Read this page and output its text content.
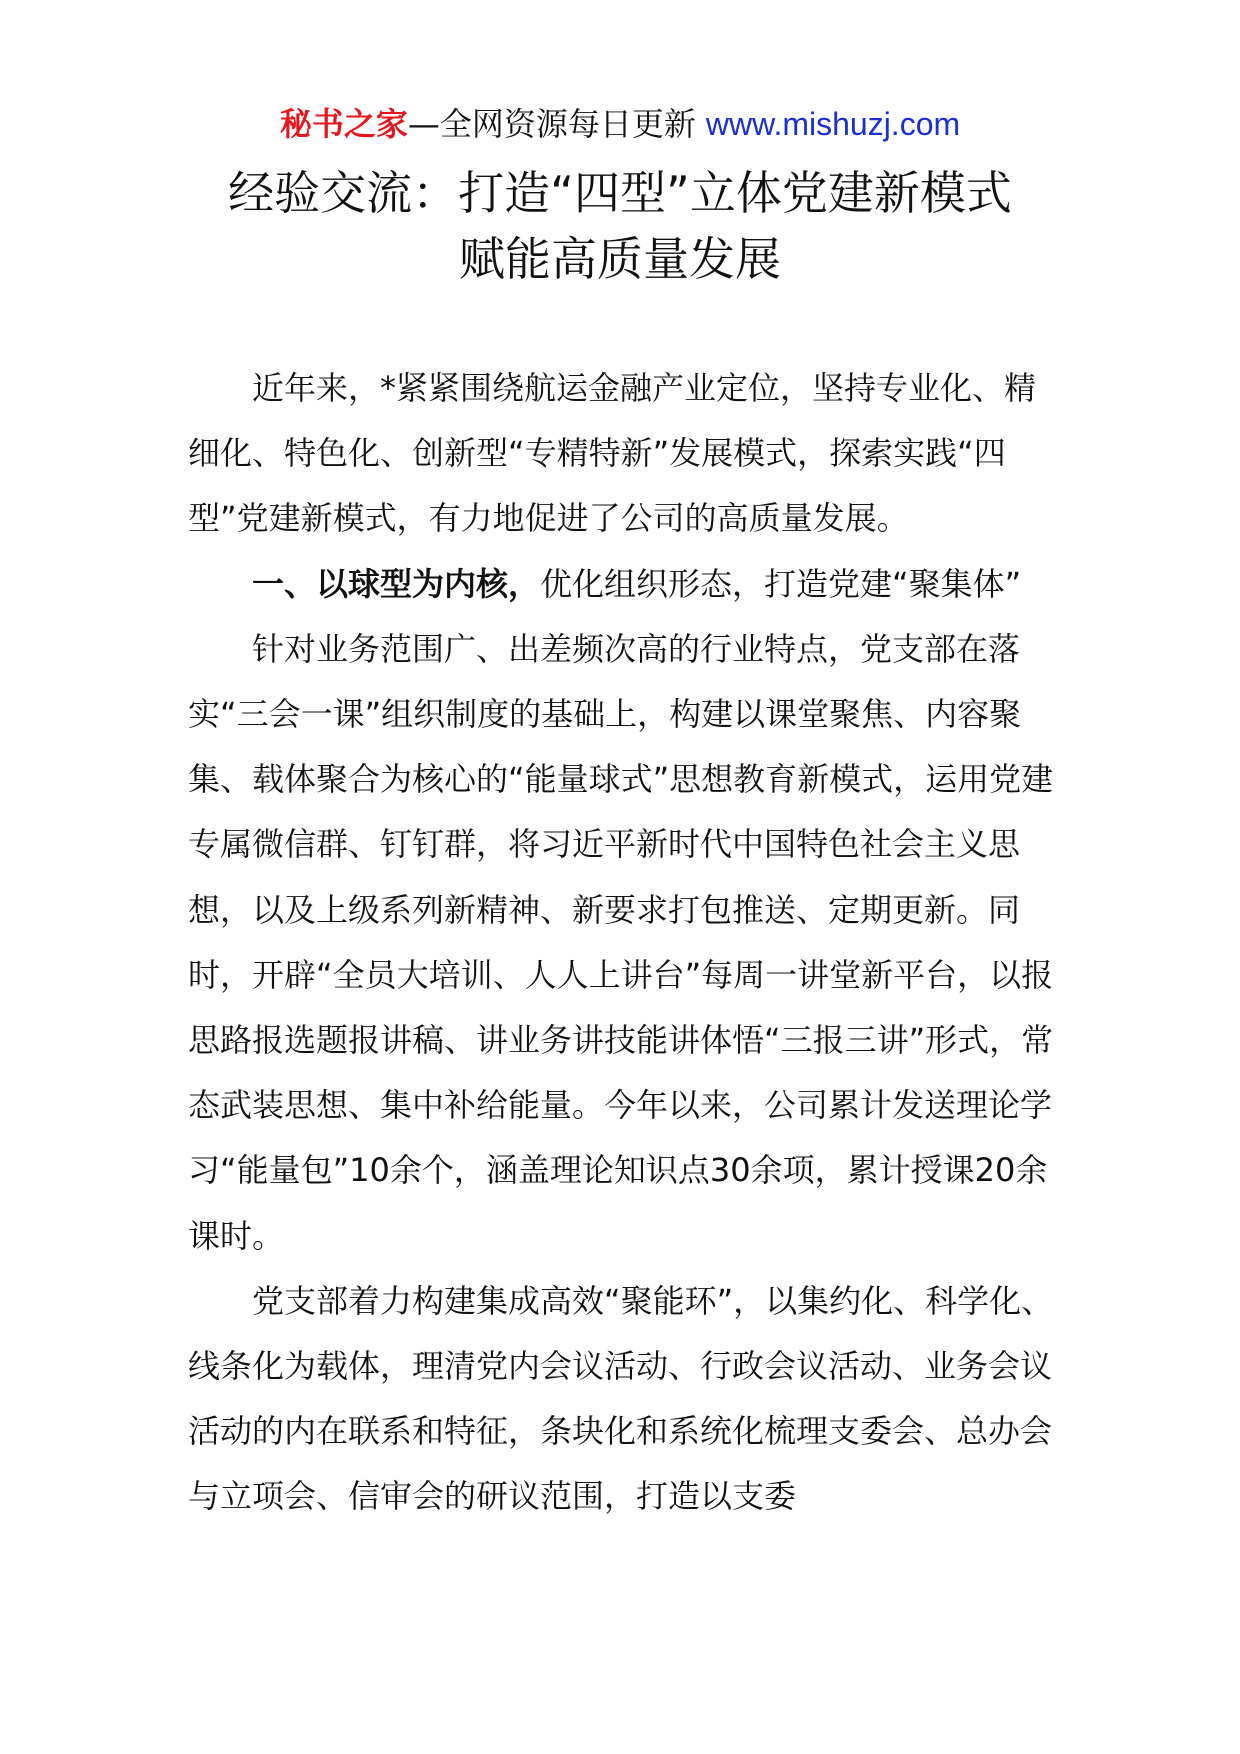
秘书之家—全网资源每日更新 www.mishuzj.com
经验交流：打造“四型”立体党建新模式
赋能高质量发展

近年来，*紧紧围绕航运金融产业定位，坚持专业化、精细化、特色化、创新型“专精特新”发展模式，探索实践“四型”党建新模式，有力地促进了公司的高质量发展。

一、以球型为内核，优化组织形态，打造党建“聚集体”

针对业务范围广、出差频次高的行业特点，党支部在落实“三会一课”组织制度的基础上，构建以课堂聚焦、内容聚集、载体聚合为核心的“能量球式”思想教育新模式，运用党建专属微信群、钉钉群，将习近平新时代中国特色社会主义思想，以及上级系列新精神、新要求打包推送、定期更新。同时，开辟“全员大培训、人人上讲台”每周一讲堂新平台，以报思路报选题报讲稿、讲业务讲技能讲体悟“三报三讲”形式，常态武装思想、集中补给能量。今年以来，公司累计发送理论学习“能量包”10余个，涵盖理论知识点30余项，累计授课20余课时。

党支部着力构建集成高效“聚能环”，以集约化、科学化、线条化为载体，理清党内会议活动、行政会议活动、业务会议活动的内在联系和特征，条块化和系统化梳理支委会、总办会与立项会、信审会的研议范围，打造以支委
